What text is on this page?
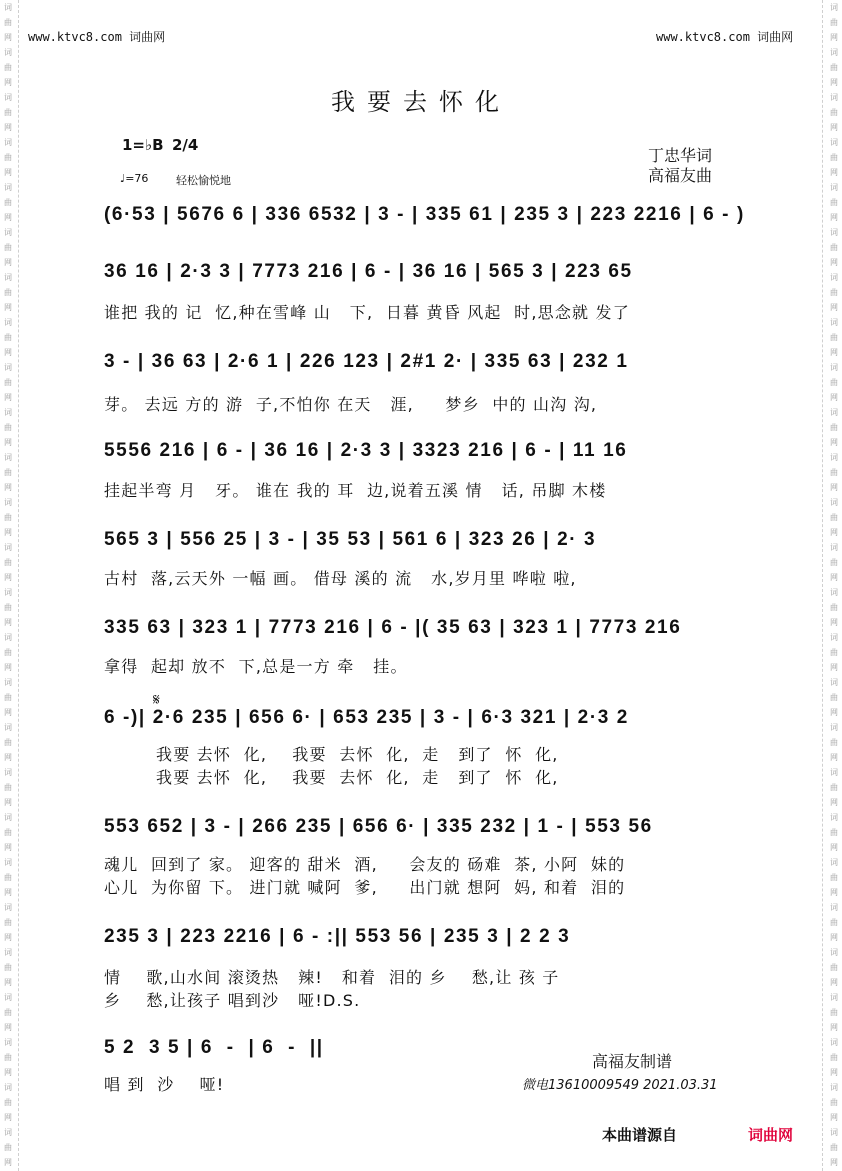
词曲网词曲网词曲网词曲网词曲网词曲网词曲网词曲网词曲网词曲网词曲网词曲网词曲网词曲网词曲网词曲网词曲网词曲网词曲网词曲网词曲网词曲网词曲网词曲网词曲网词曲网
词曲网词曲网词曲网词曲网词曲网词曲网词曲网词曲网词曲网词曲网词曲网词曲网词曲网词曲网词曲网词曲网词曲网词曲网词曲网词曲网词曲网词曲网词曲网词曲网词曲网词曲网
www.ktvc8.com 词曲网	www.ktvc8.com 词曲网
我要去怀化
1=♭B 2/4
♩=76	轻松愉悦地
丁忠华词
高福友曲
(6·53 | 5676 6 | 336 6532 | 3 - | 335 61 | 235 3 | 223 2216 | 6 - )
36 16 | 2·3 3 | 7773 216 | 6 - | 36 16 | 565 3 | 223 65
谁把 我的 记  忆,种在雪峰 山   下,  日暮 黄昏 风起  时,思念就 发了
3 - | 36 63 | 2·6 1 | 226 123 | 2#1 2· | 335 63 | 232 1
芽。 去远 方的 游  子,不怕你 在天   涯,     梦乡  中的 山沟 沟,
5556 216 | 6 - | 36 16 | 2·3 3 | 3323 216 | 6 - | 11 16
挂起半弯 月   牙。 谁在 我的 耳  边,说着五溪 情   话, 吊脚 木楼
565 3 | 556 25 | 3 - | 35 53 | 561 6 | 323 26 | 2· 3
古村  落,云天外 一幅 画。 借母 溪的 流   水,岁月里 哗啦 啦,
335 63 | 323 1 | 7773 216 | 6 - |( 35 63 | 323 1 | 7773 216
拿得  起却 放不  下,总是一方 牵   挂。
𝄋
6 -)| 2·6 235 | 656 6· | 653 235 | 3 - | 6·3 321 | 2·3 2
我要 去怀  化,    我要  去怀  化,  走   到了  怀  化,
我要 去怀  化,    我要  去怀  化,  走   到了  怀  化,
553 652 | 3 - | 266 235 | 656 6· | 335 232 | 1 - | 553 56
魂儿  回到了 家。 迎客的 甜米  酒,     会友的 砀难  茶, 小阿  妹的
心儿  为你留 下。 进门就 喊阿  爹,     出门就 想阿  妈, 和着  泪的
235 3 | 223 2216 | 6 - :|| 553 56 | 235 3 | 2 2 3
情    歌,山水间 滚烫热   辣!   和着  泪的 乡    愁,让 孩 子
乡    愁,让孩子 唱到沙   哑!D.S.
5 2  3 5 | 6  -  | 6  -  ||
唱 到  沙    哑!
高福友制谱
微电13610009549 2021.03.31
本曲谱源自	词曲网
